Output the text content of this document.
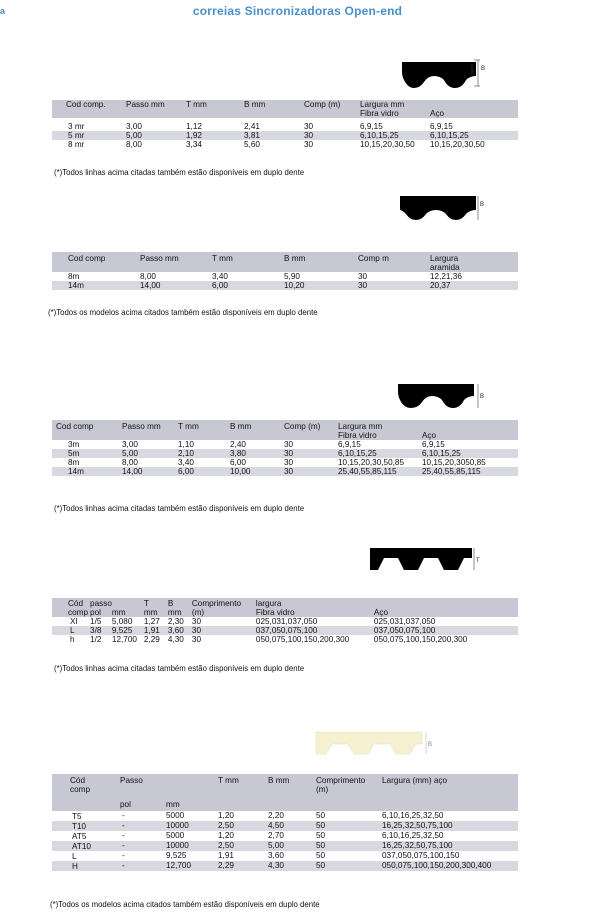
a	correias Sincronizadoras Open-end
B
T
Cod comp.	Passo mm	T mm	B mm	Comp (m)	Largura mm	
					Fibra vidro	Aço

3 mr	3,00	1,12	2,41	30	6,9,15	6,9,15
5 mr	5,00	1,92	3,81	30	6,10,15,25	6,10,15,25
8 mr	8,00	3,34	5,60	30	10,15,20,30,50	10,15,20,30,50
(*)Todos linhas acima citadas também estão disponíveis em duplo dente
B
Cod comp	Passo mm	T mm	B mm	Comp m	Largura
					aramida
8m	8,00	3,40	5,90	30	12,21,36
14m	14,00	6,00	10,20	30	20,37
(*)Todos os modelos acima citados também estão disponíveis em duplo dente
B
Cod comp	Passo mm	T mm	B mm	Comp (m)	Largura mm	
					Fibra vidro	Aço
3m	3,00	1,10	2,40	30	6,9,15	6,9,15
5m	5,00	2,10	3,80	30	6,10,15,25	6,10,15,25
8m	8,00	3,40	6,00	30	10,15,20,30,50,85	10,15,20,3050,85
14m	14,00	6,00	10,00	30	25,40,55,85,115	25,40,55,85,115
(*)Todos linhas acima citadas também estão disponíveis em duplo dente
T
Cód	passo		T	B	Comprimento	largura	
comp	pol	mm	mm	mm	(m)	Fibra vidro	Aço
Xl	1/5	5,080	1,27	2,30	30	025,031,037,050	025,031,037,050
L	3/8	9,525	1,91	3,60	30	037,050,075,100	037,050,075,100
h	1/2	12,700	2,29	4,30	30	050,075,100,150,200,300	050,075,100,150,200,300
(*)Todos linhas acima citadas também estão disponíveis em duplo dente
B
Cód	Passo		T mm	B mm	Comprimento	Largura (mm) aço
comp					(m)	
	pol	mm				
T5	-	5000	1,20	2,20	50	6,10,16,25,32,50
T10	-	10000	2,50	4,50	50	16,25,32,50,75,100
AT5	-	5000	1,20	2,70	50	6,10,16,25,32,50
AT10	-	10000	2,50	5,00	50	16,25,32,50,75,100
L	-	9,525	1,91	3,60	50	037,050,075,100,150
H	-	12,700	2,29	4,30	50	050,075,100,150,200,300,400
(*)Todos os modelos acima citados também estão disponíveis em duplo dente
